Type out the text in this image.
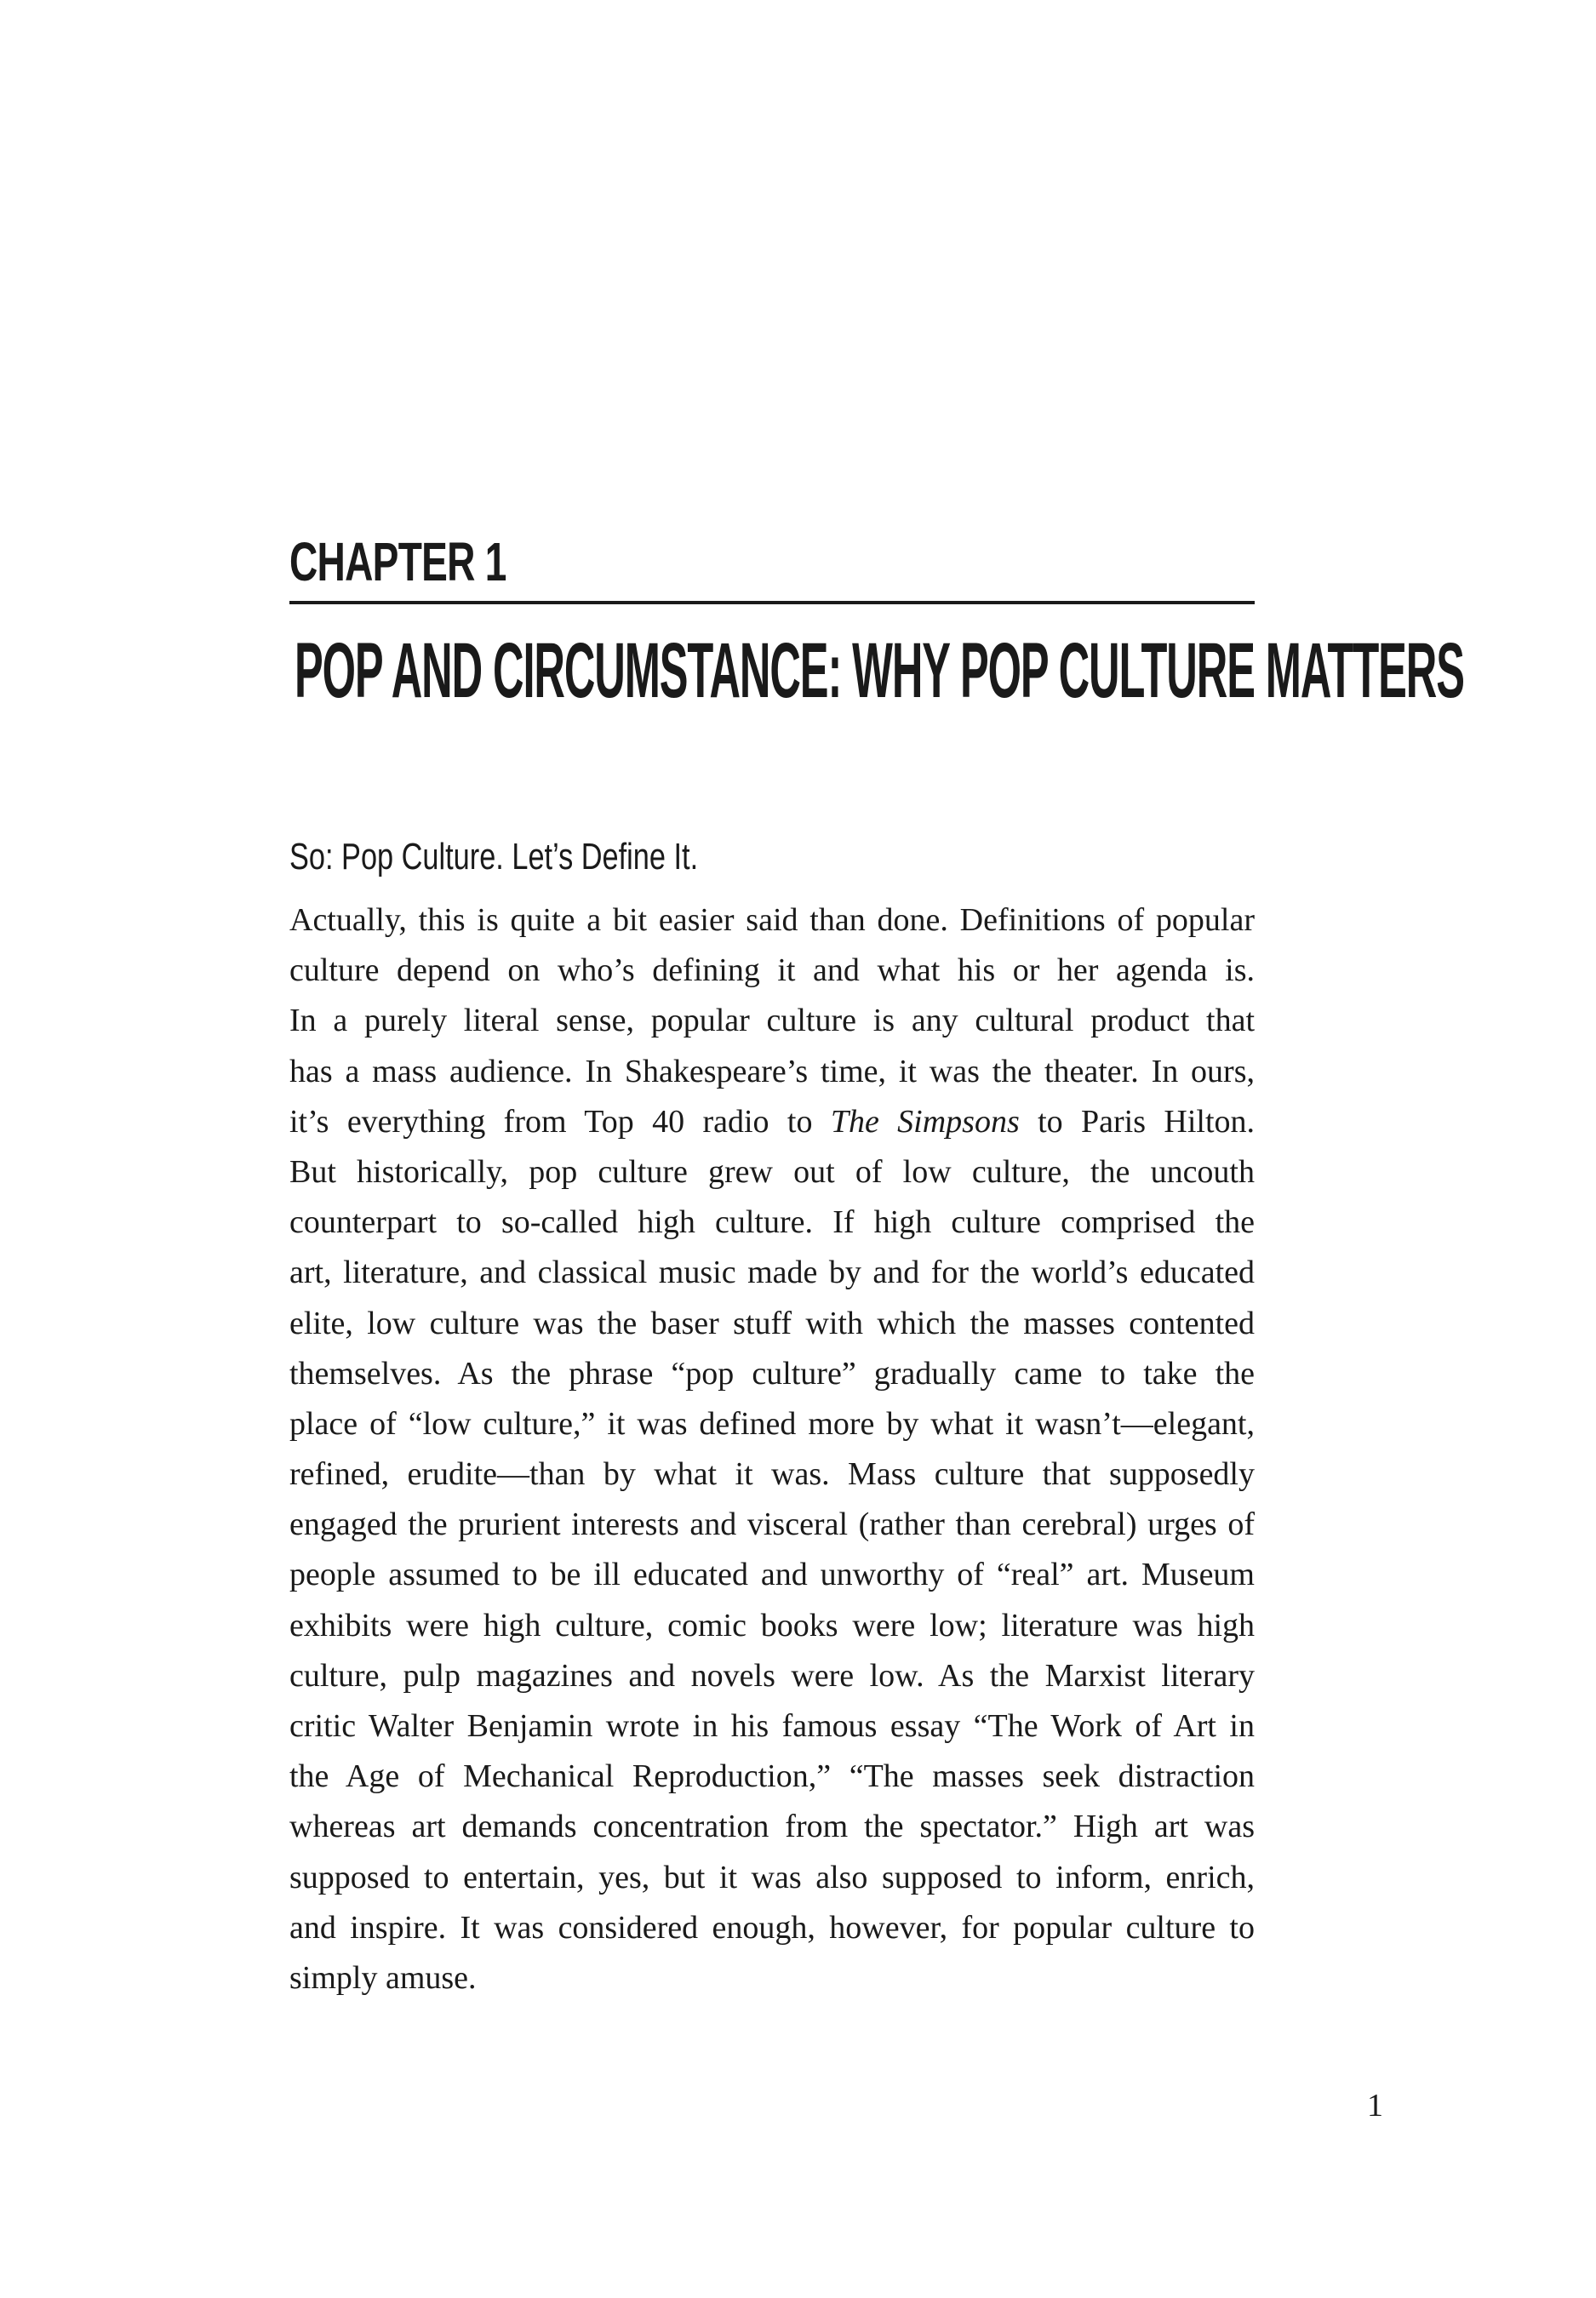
CHAPTER 1
POP AND CIRCUMSTANCE: WHY POP CULTURE MATTERS
So: Pop Culture. Let’s Define It.
Actually, this is quite a bit easier said than done. Definitions of popular
culture depend on who’s defining it and what his or her agenda is.
In a purely literal sense, popular culture is any cultural product that
has a mass audience. In Shakespeare’s time, it was the theater. In ours,
it’s everything from Top 40 radio to The Simpsons to Paris Hilton.
But historically, pop culture grew out of low culture, the uncouth
counterpart to so-called high culture. If high culture comprised the
art, literature, and classical music made by and for the world’s educated
elite, low culture was the baser stuff with which the masses contented
themselves. As the phrase “pop culture” gradually came to take the
place of “low culture,” it was defined more by what it wasn’t—elegant,
refined, erudite—than by what it was. Mass culture that supposedly
engaged the prurient interests and visceral (rather than cerebral) urges of
people assumed to be ill educated and unworthy of “real” art. Museum
exhibits were high culture, comic books were low; literature was high
culture, pulp magazines and novels were low. As the Marxist literary
critic Walter Benjamin wrote in his famous essay “The Work of Art in
the Age of Mechanical Reproduction,” “The masses seek distraction
whereas art demands concentration from the spectator.” High art was
supposed to entertain, yes, but it was also supposed to inform, enrich,
and inspire. It was considered enough, however, for popular culture to
simply amuse.
1
